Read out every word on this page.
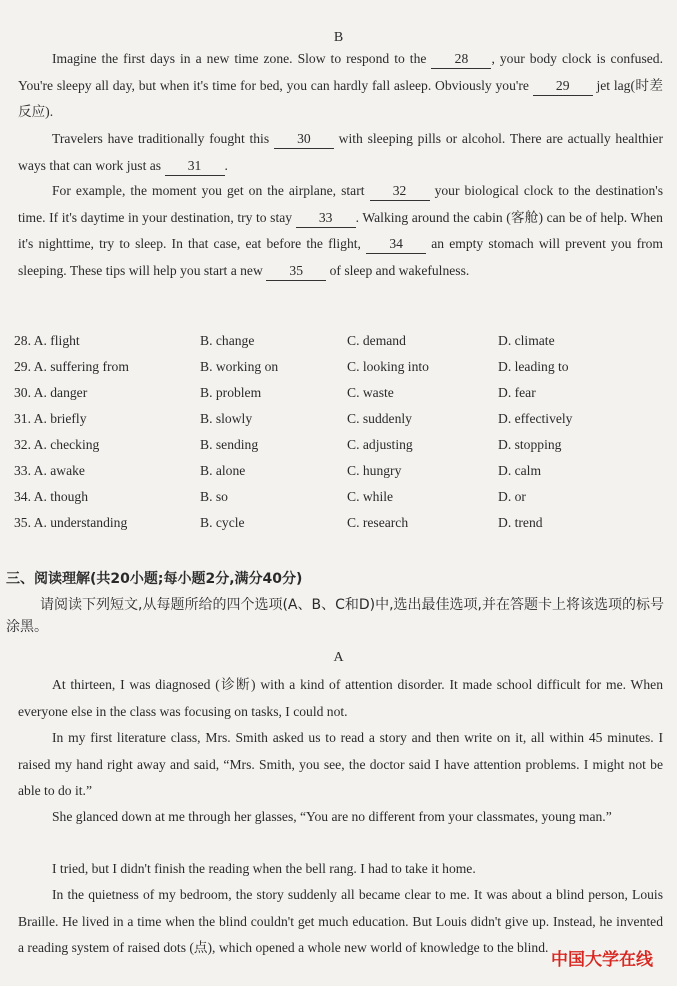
B
Imagine the first days in a new time zone. Slow to respond to the 28 , your body clock is confused. You're sleepy all day, but when it's time for bed, you can hardly fall asleep. Obviously you're 29 jet lag(时差反应).
Travelers have traditionally fought this 30 with sleeping pills or alcohol. There are actually healthier ways that can work just as 31 .
For example, the moment you get on the airplane, start 32 your biological clock to the destination's time. If it's daytime in your destination, try to stay 33 . Walking around the cabin (客舱) can be of help. When it's nighttime, try to sleep. In that case, eat before the flight, 34 an empty stomach will prevent you from sleeping. These tips will help you start a new 35 of sleep and wakefulness.
28. A. flight	B. change	C. demand	D. climate
29. A. suffering from	B. working on	C. looking into	D. leading to
30. A. danger	B. problem	C. waste	D. fear
31. A. briefly	B. slowly	C. suddenly	D. effectively
32. A. checking	B. sending	C. adjusting	D. stopping
33. A. awake	B. alone	C. hungry	D. calm
34. A. though	B. so	C. while	D. or
35. A. understanding	B. cycle	C. research	D. trend
三、阅读理解(共20小题;每小题2分,满分40分)
请阅读下列短文,从每题所给的四个选项(A、B、C和D)中,选出最佳选项,并在答题卡上将该选项的标号涂黑。
A
At thirteen, I was diagnosed (诊断) with a kind of attention disorder. It made school difficult for me. When everyone else in the class was focusing on tasks, I could not.
In my first literature class, Mrs. Smith asked us to read a story and then write on it, all within 45 minutes. I raised my hand right away and said, “Mrs. Smith, you see, the doctor said I have attention problems. I might not be able to do it.”
She glanced down at me through her glasses, “You are no different from your classmates, young man.”
I tried, but I didn't finish the reading when the bell rang. I had to take it home.
In the quietness of my bedroom, the story suddenly all became clear to me. It was about a blind person, Louis Braille. He lived in a time when the blind couldn't get much education. But Louis didn't give up. Instead, he invented a reading system of raised dots (点), which opened a whole new world of knowledge to the blind.
中国大学在线
